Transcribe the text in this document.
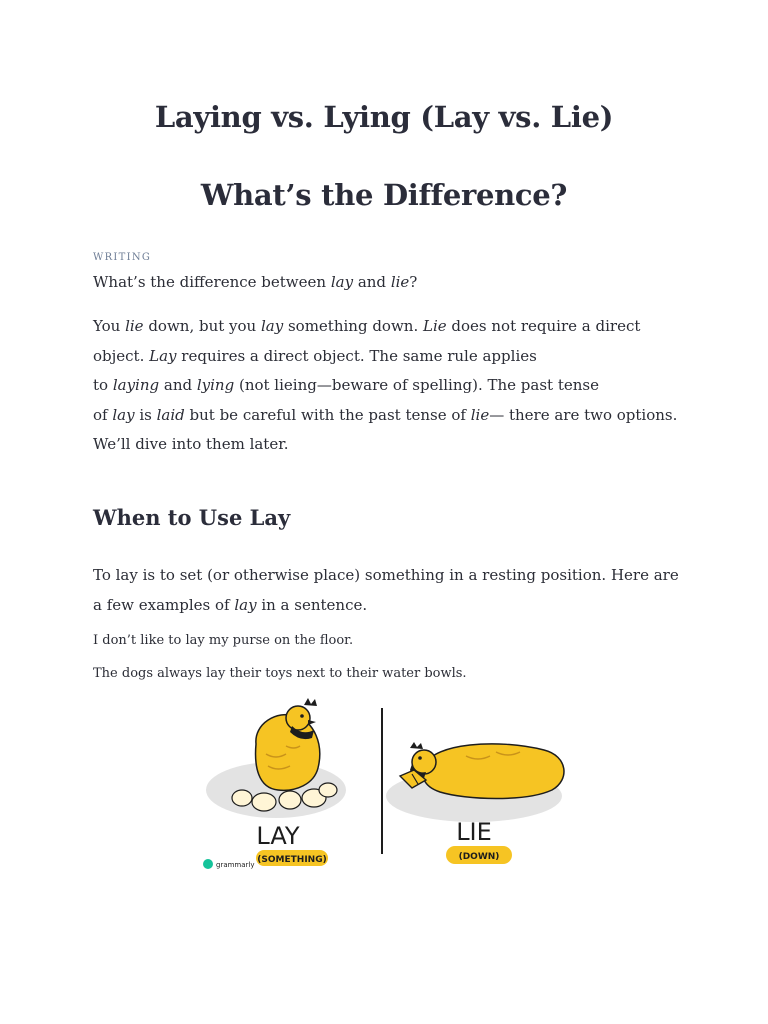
Laying vs. Lying (Lay vs. Lie)
What’s the Difference?
WRITING
What’s the difference between lay and lie?
You lie down, but you lay something down. Lie does not require a direct
object. Lay requires a direct object. The same rule applies
to laying and lying (not lieing—beware of spelling). The past tense
of lay is laid but be careful with the past tense of lie— there are two options.
We’ll dive into them later.
When to Use Lay
To lay is to set (or otherwise place) something in a resting position. Here are a few examples of lay in a sentence.
I don’t like to lay my purse on the floor.
The dogs always lay their toys next to their water bowls.
LAY
(SOMETHING)
grammarly
LIE
(DOWN)
